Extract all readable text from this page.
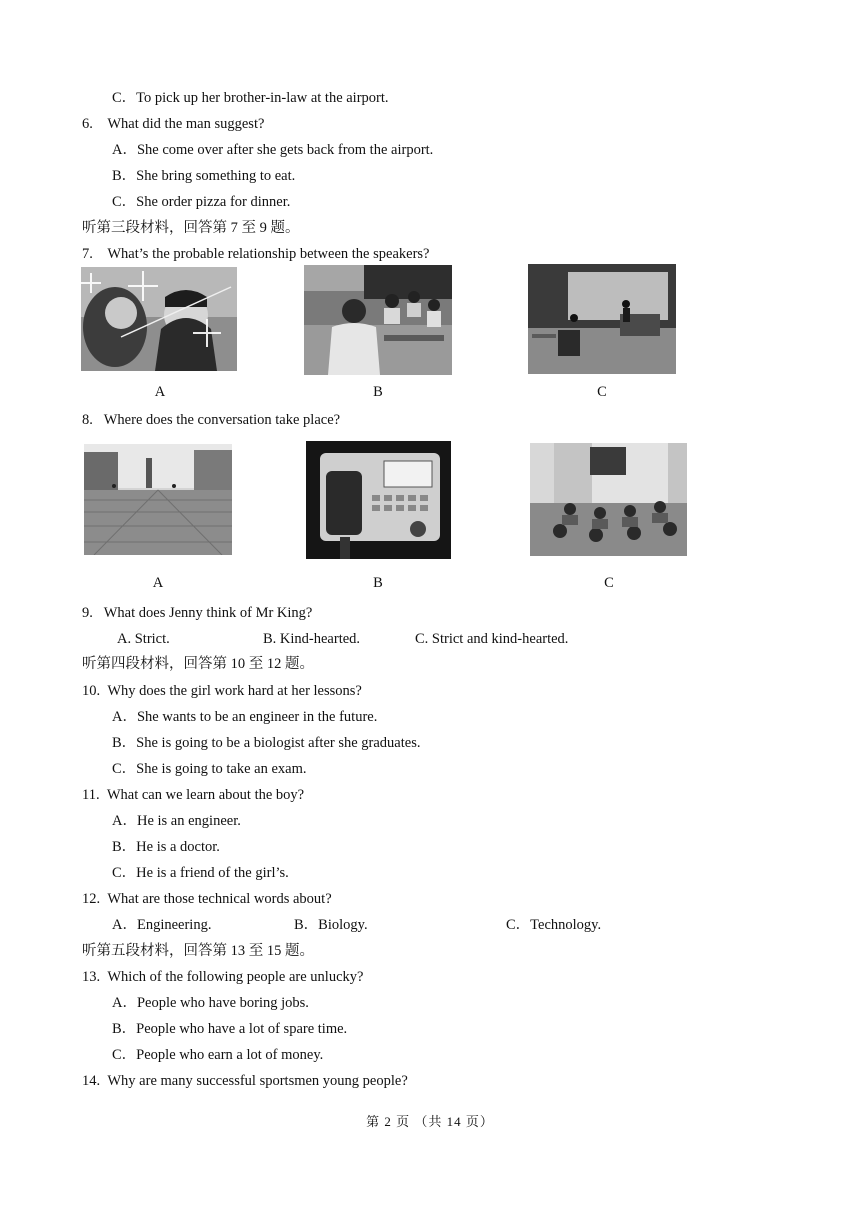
C．To pick up her brother-in-law at the airport.
6.    What did the man suggest?
A．She come over after she gets back from the airport.
B．She bring something to eat.
C．She order pizza for dinner.
听第三段材料，回答第 7 至 9 题。
7.    What’s the probable relationship between the speakers?
A	B	C
8.   Where does the conversation take place?
A	B	C
9.   What does Jenny think of Mr King?
A. Strict.	B. Kind-hearted.	C. Strict and kind-hearted.
听第四段材料，回答第 10 至 12 题。
10.  Why does the girl work hard at her lessons?
A．She wants to be an engineer in the future.
B．She is going to be a biologist after she graduates.
C．She is going to take an exam.
11.  What can we learn about the boy?
A．He is an engineer.
B．He is a doctor.
C．He is a friend of the girl’s.
12.  What are those technical words about?
A．Engineering.	B．Biology.	C．Technology.
听第五段材料，回答第 13 至 15 题。
13.  Which of the following people are unlucky?
A．People who have boring jobs.
B．People who have a lot of spare time.
C．People who earn a lot of money.
14.  Why are many successful sportsmen young people?
第 2 页 （共 14 页）
